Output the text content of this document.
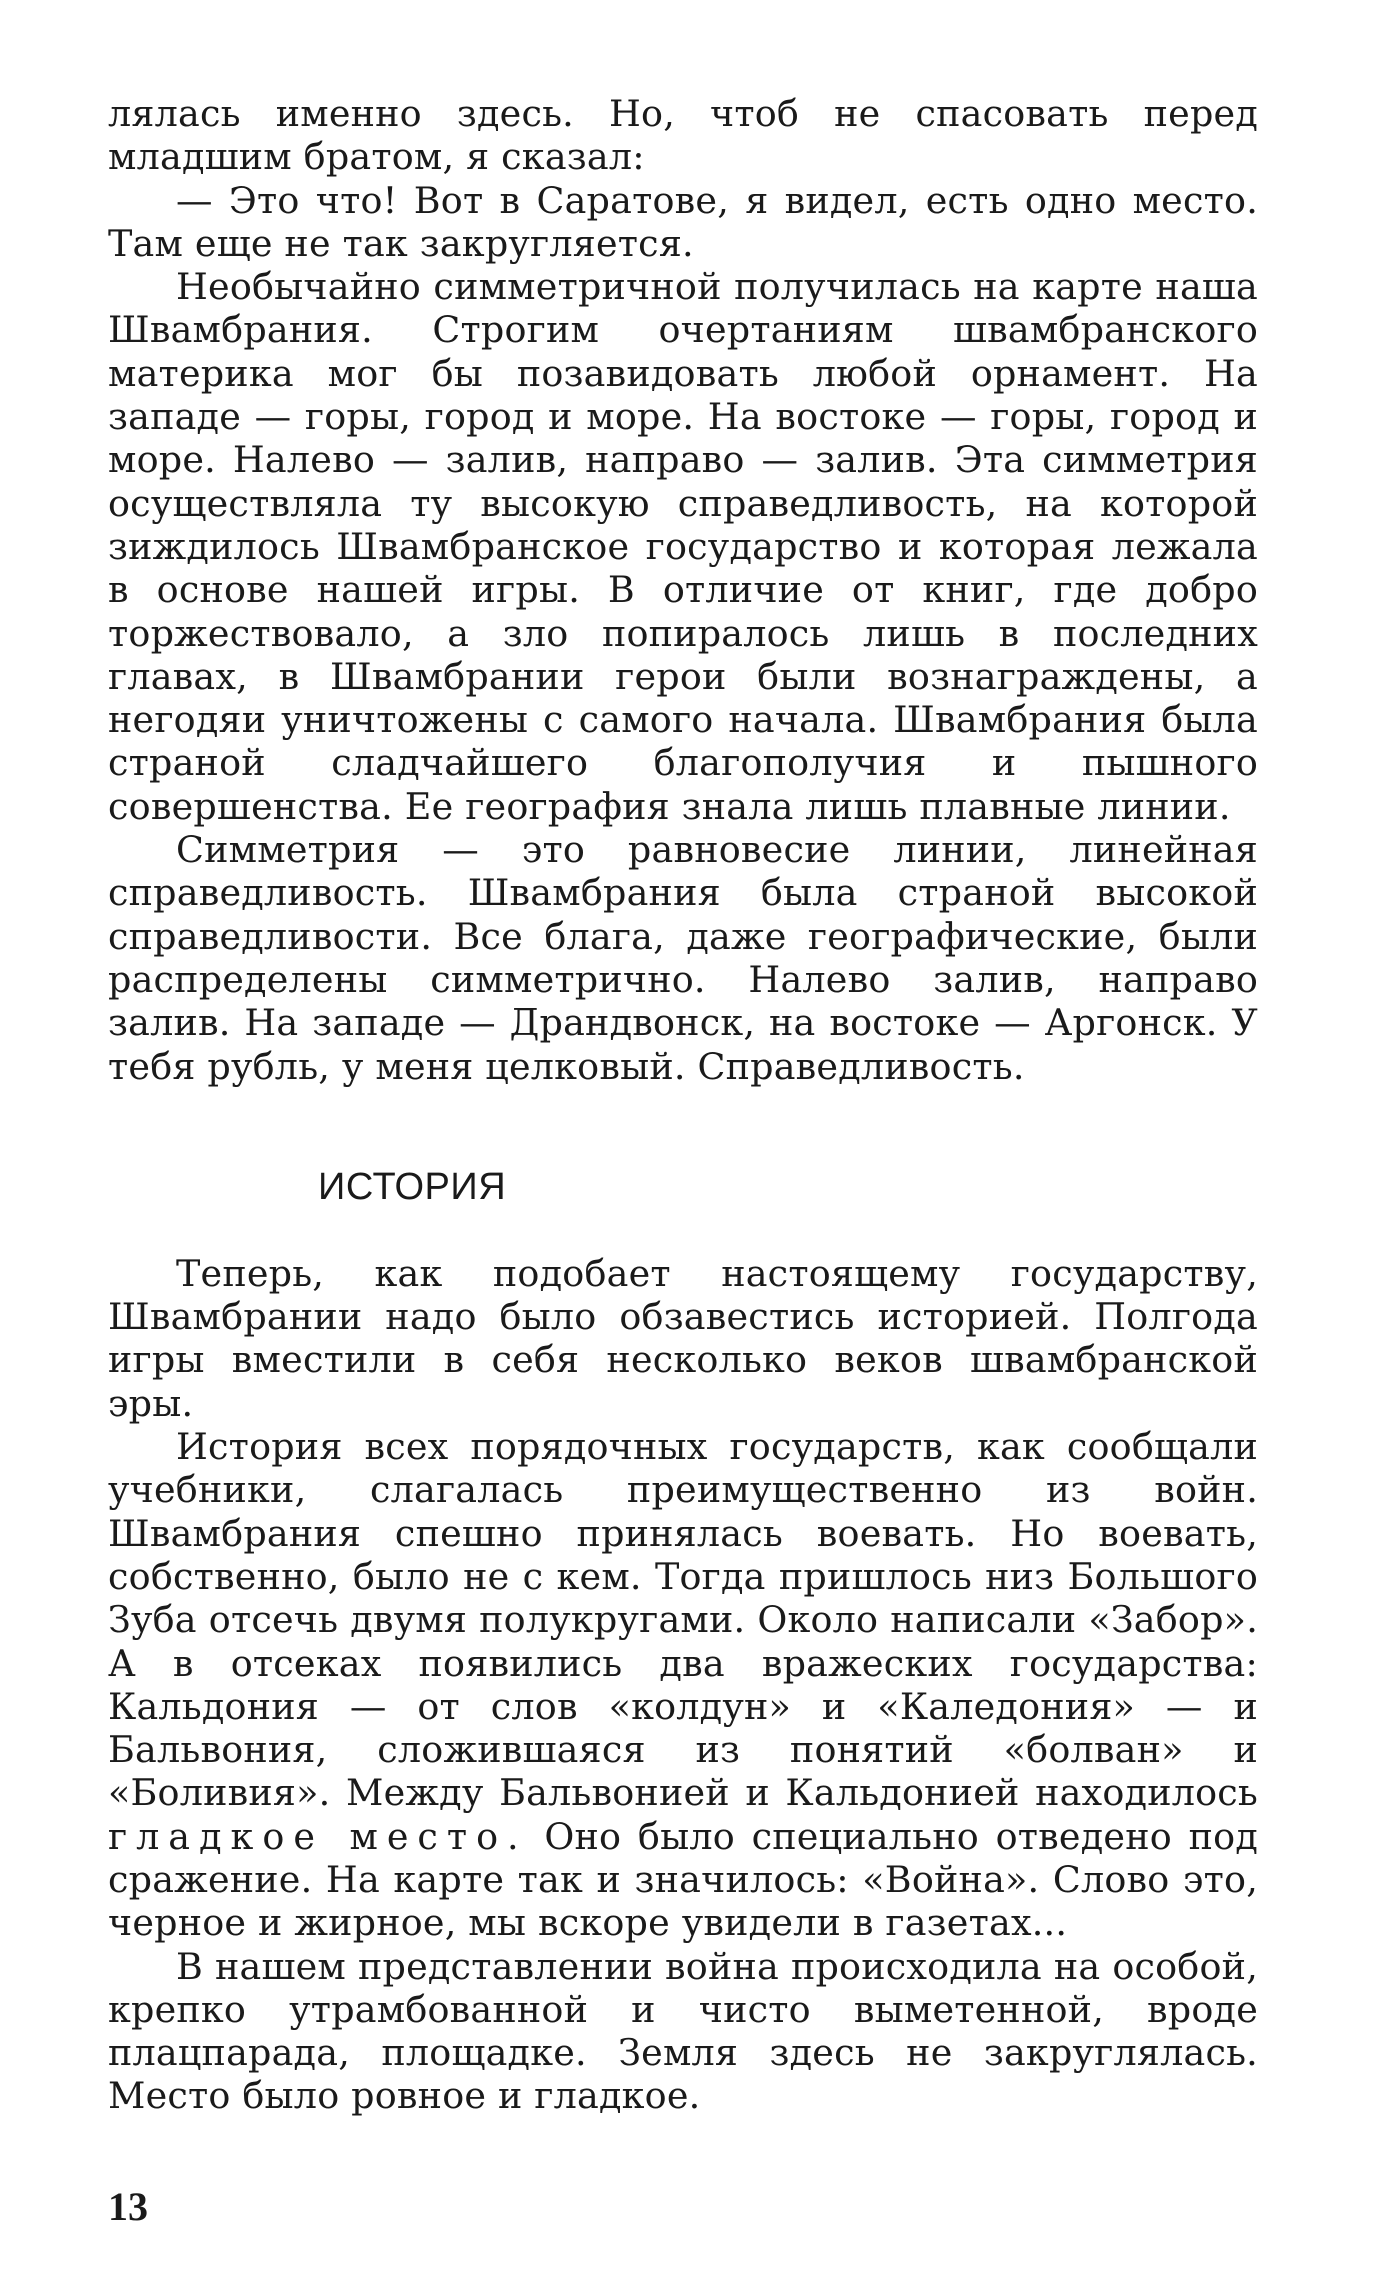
лялась именно здесь. Но, чтоб не спасовать перед младшим братом, я сказал:

— Это что! Вот в Саратове, я видел, есть одно место. Там еще не так закругляется.

Необычайно симметричной получилась на карте наша Швамбрания. Строгим очертаниям швамбранского материка мог бы позавидовать любой орнамент. На западе — горы, город и море. На востоке — горы, город и море. Налево — залив, направо — залив. Эта симметрия осуществляла ту высокую справедливость, на которой зиждилось Швамбранское государство и которая лежала в основе нашей игры. В отличие от книг, где добро торжествовало, а зло попиралось лишь в последних главах, в Швамбрании герои были вознаграждены, а негодяи уничтожены с самого начала. Швамбрания была страной сладчайшего благополучия и пышного совершенства. Ее география знала лишь плавные линии.

Симметрия — это равновесие линии, линейная справедливость. Швамбрания была страной высокой справедливости. Все блага, даже географические, были распределены симметрично. Налево залив, направо залив. На западе — Драндвонск, на востоке — Аргонск. У тебя рубль, у меня целковый. Справедливость.

ИСТОРИЯ

Теперь, как подобает настоящему государству, Швамбрании надо было обзавестись историей. Полгода игры вместили в себя несколько веков швамбранской эры.

История всех порядочных государств, как сообщали учебники, слагалась преимущественно из войн. Швамбрания спешно принялась воевать. Но воевать, собственно, было не с кем. Тогда пришлось низ Большого Зуба отсечь двумя полукругами. Около написали «Забор». А в отсеках появились два вражеских государства: Кальдония — от слов «колдун» и «Каледония» — и Бальвония, сложившаяся из понятий «болван» и «Боливия». Между Бальвонией и Кальдонией находилось гладкое место. Оно было специально отведено под сражение. На карте так и значилось: «Война». Слово это, черное и жирное, мы вскоре увидели в газетах...

В нашем представлении война происходила на особой, крепко утрамбованной и чисто выметенной, вроде плацпарада, площадке. Земля здесь не закруглялась. Место было ровное и гладкое.

13
